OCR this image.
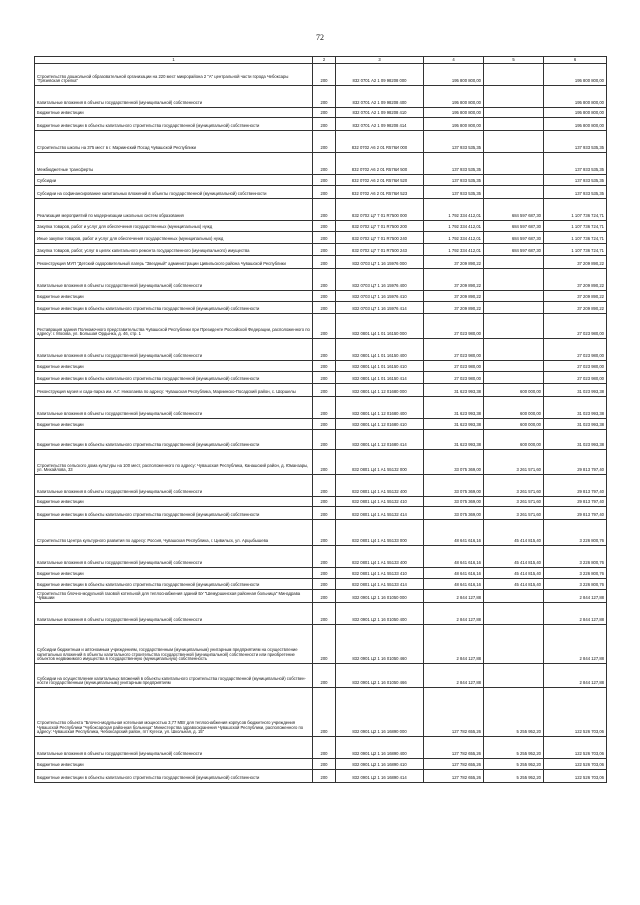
72
1	2	3	4	5	6
Строительство дошкольной образовательной организации на 220 мест микрорайона 2 "А" центральной части города Чебоксары "Грязевская стрелка"	200	832 0701 А2 1 09 98208 000	195 800 800,00		195 800 800,00
Капитальные вложения в объекты государственной (муниципальной) собственности	200	832 0701 А2 1 09 98208 400	195 800 800,00		195 800 800,00
Бюджетные инвестиции	200	832 0701 А2 1 09 98208 410	195 800 800,00		195 800 800,00
Бюджетные инвестиции в объекты капитального строительства государственной (муниципальной) собственности	200	832 0701 А2 1 09 98208 414	195 800 800,00		195 800 800,00
Строительство школы на 375 мест в г. Мариинский Посад Чувашской Республики	200	832 0702 А6 2 01 R576И 000	137 933 535,35		137 933 535,35
Межбюджетные трансферты	200	832 0702 А6 2 01 R576И 500	137 933 535,35		137 933 535,35
Субсидии	200	832 0702 А6 2 01 R576И 520	137 933 535,35		137 933 535,35
Субсидии на софинансирование капитальных вложений в объекты государственной (муниципальной) собственности	200	832 0702 А6 2 01 R576И 523	137 933 535,35		137 933 535,35
Реализация мероприятий по модернизации школьных систем образования	200	832 0702 Ц7 7 01 R7500 000	1 792 334 412,01	684 597 687,30	1 107 736 724,71
Закупка товаров, работ и услуг для обеспечения государственных (муниципальных) нужд	200	832 0702 Ц7 7 01 R7500 200	1 792 334 412,01	684 597 687,30	1 107 736 724,71
Иные закупки товаров, работ и услуг для обеспечения государственных (муниципальных) нужд	200	832 0702 Ц7 7 01 R7500 240	1 792 334 412,01	684 597 687,30	1 107 736 724,71
Закупка товаров, работ, услуг в целях капитального ремонта государственного (муниципального) имущества	200	832 0702 Ц7 7 01 R7500 243	1 792 334 412,01	684 597 687,30	1 107 736 724,71
Реконструкция МУП "Детский оздоровительный лагерь "Звездный" администрации Цивильского района Чувашской Республики	200	832 0703 Ц7 1 16 15976 000	37 209 890,22		37 209 890,22
Капитальные вложения в объекты государственной (муниципальной) собственности	200	832 0703 Ц7 1 16 15976 400	37 209 890,22		37 209 890,22
Бюджетные инвестиции	200	832 0703 Ц7 1 16 15976 410	37 209 890,22		37 209 890,22
Бюджетные инвестиции в объекты капитального строительства государственной (муниципальной) собственности	200	832 0703 Ц7 1 16 15976 414	37 209 890,22		37 209 890,22
Реставрация здания Полномочного представительства Чувашской Республики при Президенте Российской Федерации, расположенного по адресу: г. Москва, ул. Большая Ордынка, д. 46, стр. 1	200	832 0801 Ц4 1 01 16150 000	27 023 980,00		27 023 980,00
Капитальные вложения в объекты государственной (муниципальной) собственности	200	832 0801 Ц4 1 01 16150 400	27 023 980,00		27 023 980,00
Бюджетные инвестиции	200	832 0801 Ц4 1 01 16150 410	27 023 980,00		27 023 980,00
Бюджетные инвестиции в объекты капитального строительства государственной (муниципальной) собственности	200	832 0801 Ц4 1 01 16150 414	27 023 980,00		27 023 980,00
Реконструкция музея и сада-парка им. А.Г. Николаева по адресу: Чувашская Республика, Мариинско-Посадский район, с. Шоршелы	200	832 0801 Ц4 1 12 01680 000	31 623 993,38	600 000,00	31 023 993,38
Капитальные вложения в объекты государственной (муниципальной) собственности	200	832 0801 Ц4 1 12 01680 400	31 623 993,38	600 000,00	31 023 993,38
Бюджетные инвестиции	200	832 0801 Ц4 1 12 01680 410	31 623 993,38	600 000,00	31 023 993,38
Бюджетные инвестиции в объекты капитального строительства государственной (муниципальной) собственности	200	832 0801 Ц4 1 12 01680 414	31 623 993,38	600 000,00	31 023 993,38
Строительство сельского дома культуры на 100 мест, расположенного по адресу: Чувашская Республика, Канашский район, д. Юманзары, ул. Михайлова, 33	200	832 0801 Ц4 1 А1 55132 000	33 075 369,00	3 261 571,60	29 813 797,40
Капитальные вложения в объекты государственной (муниципальной) собственности	200	832 0801 Ц4 1 А1 55132 400	33 075 369,00	3 261 571,60	29 813 797,40
Бюджетные инвестиции	200	832 0801 Ц4 1 А1 55132 410	33 075 369,00	3 261 571,60	29 813 797,40
Бюджетные инвестиции в объекты капитального строительства государственной (муниципальной) собственности	200	832 0801 Ц4 1 А1 55132 414	33 075 369,00	3 261 571,60	29 813 797,40
Строительство Центра культурного развития по адресу: Россия, Чувашская Республика, г. Цивильск, ул. Арцыбышева	200	832 0801 Ц4 1 А1 55133 000	48 641 616,16	45 414 815,40	3 226 800,76
Капитальные вложения в объекты государственной (муниципальной) собственности	200	832 0801 Ц4 1 А1 55133 400	48 641 616,16	45 414 815,40	3 226 800,76
Бюджетные инвестиции	200	832 0801 Ц4 1 А1 55133 410	48 641 616,16	45 414 815,40	3 226 800,76
Бюджетные инвестиции в объекты капитального строительства государственной (муниципальной) собственности	200	832 0801 Ц4 1 А1 55133 414	48 641 616,16	45 414 815,40	3 226 800,76
Строительство блочно-модульной газовой котельной для теплоснабжения зданий БУ "Шемуршинская районная больница" Минздрава Чувашии	200	832 0901 Ц2 1 16 01050 000	2 844 127,88		2 844 127,88
Капитальные вложения в объекты государственной (муниципальной) собственности	200	832 0901 Ц2 1 16 01050 400	2 844 127,88		2 844 127,88
Субсидии бюджетным и автономным учреждениям, государственным (муниципальным) унитарным предприятиям на осуществление капитальных вложений в объекты капитального строительства государственной (муниципальной) собственности или приобретение объектов недвижимого имущества в государственную (муниципальную) собственность	200	832 0901 Ц2 1 16 01050 460	2 844 127,88		2 844 127,88
Субсидии на осуществление капитальных вложений в объекты капитального строительства государственной (муниципальной) собствен-ности государственным (муниципальным) унитарным предприятиям	200	832 0901 Ц2 1 16 01050 466	2 844 127,88		2 844 127,88
Строительство объекта "Блочно-модульная котельная мощностью 3,77 МВт для теплоснабжения корпусов бюджетного учреждения Чувашской Республики "Чебоксарская районная больница" Министерства здравоохранения Чувашской Республики, расположенного по адресу: Чувашская Республика, Чебоксарский район, пгт Кугеси, ул. Школьная, д. 15"	200	832 0901 Ц2 1 16 16890 000	127 782 655,26	5 255 952,20	122 526 703,06
Капитальные вложения в объекты государственной (муниципальной) собственности	200	832 0901 Ц2 1 16 16890 400	127 782 655,26	5 255 952,20	122 526 703,06
Бюджетные инвестиции	200	832 0901 Ц2 1 16 16890 410	127 782 655,26	5 255 952,20	122 526 703,06
Бюджетные инвестиции в объекты капитального строительства государственной (муниципальной) собственности	200	832 0901 Ц2 1 16 16890 414	127 782 655,26	5 255 952,20	122 526 703,06
